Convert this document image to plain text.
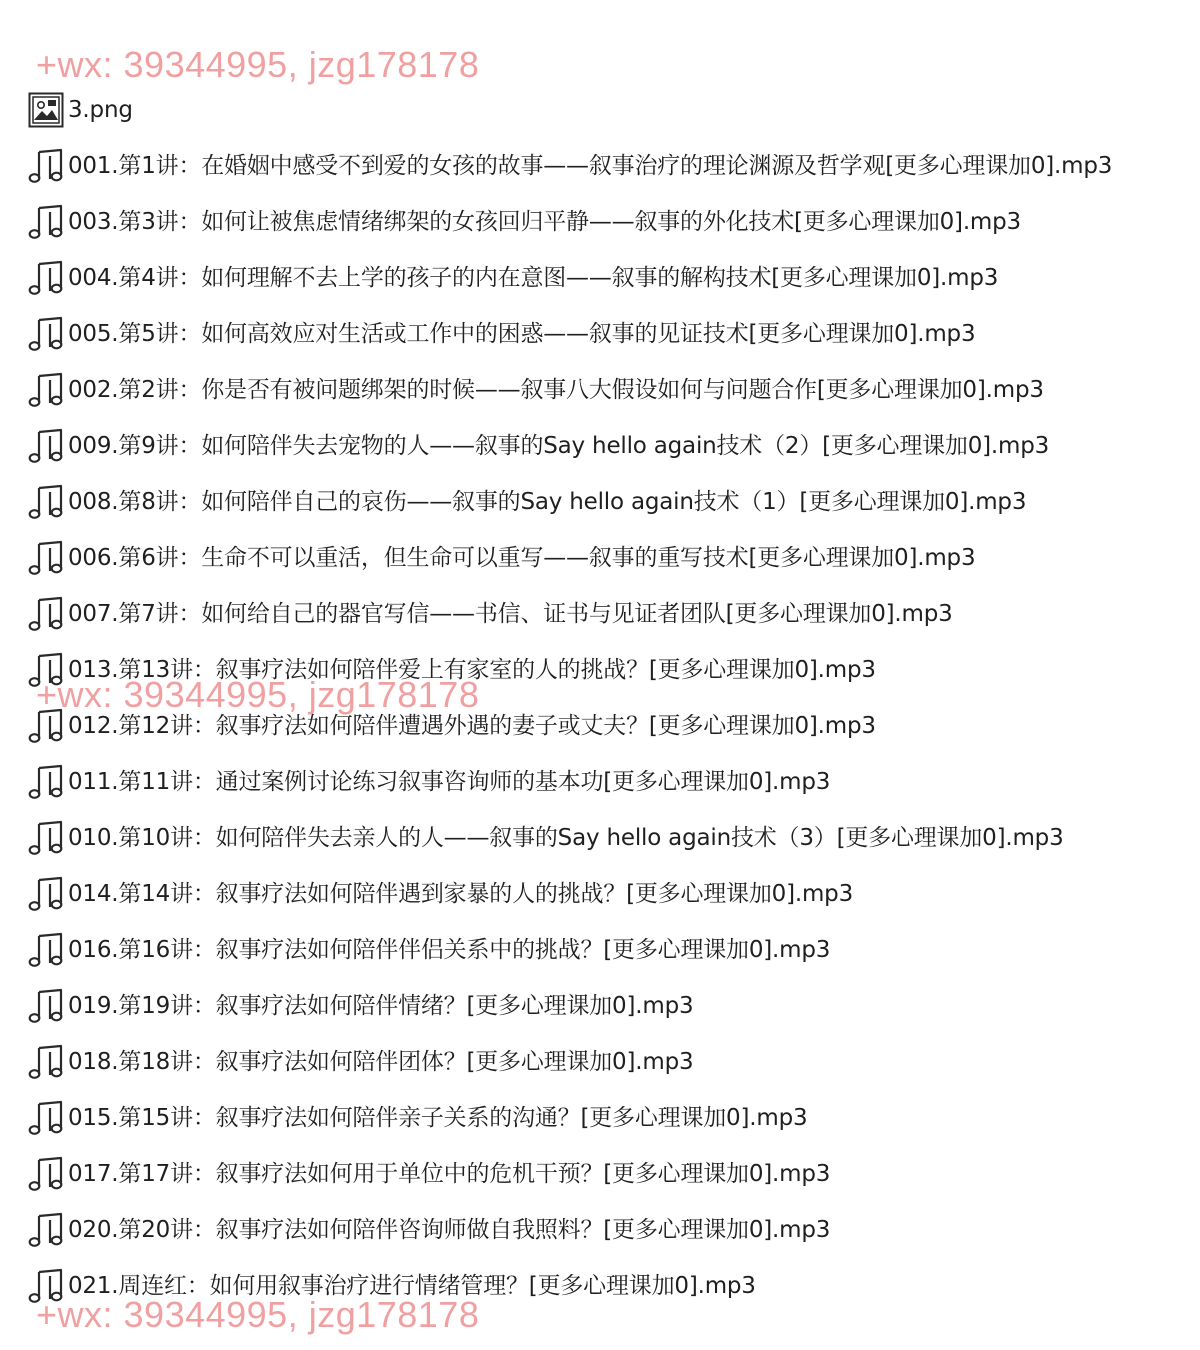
+wx: 39344995, jzg178178
+wx: 39344995, jzg178178
+wx: 39344995, jzg178178
3.png
001.第1讲：在婚姻中感受不到爱的女孩的故事——叙事治疗的理论渊源及哲学观[更多心理课加0].mp3
003.第3讲：如何让被焦虑情绪绑架的女孩回归平静——叙事的外化技术[更多心理课加0].mp3
004.第4讲：如何理解不去上学的孩子的内在意图——叙事的解构技术[更多心理课加0].mp3
005.第5讲：如何高效应对生活或工作中的困惑——叙事的见证技术[更多心理课加0].mp3
002.第2讲：你是否有被问题绑架的时候——叙事八大假设如何与问题合作[更多心理课加0].mp3
009.第9讲：如何陪伴失去宠物的人——叙事的Say hello again技术（2）[更多心理课加0].mp3
008.第8讲：如何陪伴自己的哀伤——叙事的Say hello again技术（1）[更多心理课加0].mp3
006.第6讲：生命不可以重活，但生命可以重写——叙事的重写技术[更多心理课加0].mp3
007.第7讲：如何给自己的器官写信——书信、证书与见证者团队[更多心理课加0].mp3
013.第13讲：叙事疗法如何陪伴爱上有家室的人的挑战？[更多心理课加0].mp3
012.第12讲：叙事疗法如何陪伴遭遇外遇的妻子或丈夫？[更多心理课加0].mp3
011.第11讲：通过案例讨论练习叙事咨询师的基本功[更多心理课加0].mp3
010.第10讲：如何陪伴失去亲人的人——叙事的Say hello again技术（3）[更多心理课加0].mp3
014.第14讲：叙事疗法如何陪伴遇到家暴的人的挑战？[更多心理课加0].mp3
016.第16讲：叙事疗法如何陪伴伴侣关系中的挑战？[更多心理课加0].mp3
019.第19讲：叙事疗法如何陪伴情绪？[更多心理课加0].mp3
018.第18讲：叙事疗法如何陪伴团体？[更多心理课加0].mp3
015.第15讲：叙事疗法如何陪伴亲子关系的沟通？[更多心理课加0].mp3
017.第17讲：叙事疗法如何用于单位中的危机干预？[更多心理课加0].mp3
020.第20讲：叙事疗法如何陪伴咨询师做自我照料？[更多心理课加0].mp3
021.周连红：如何用叙事治疗进行情绪管理？[更多心理课加0].mp3
